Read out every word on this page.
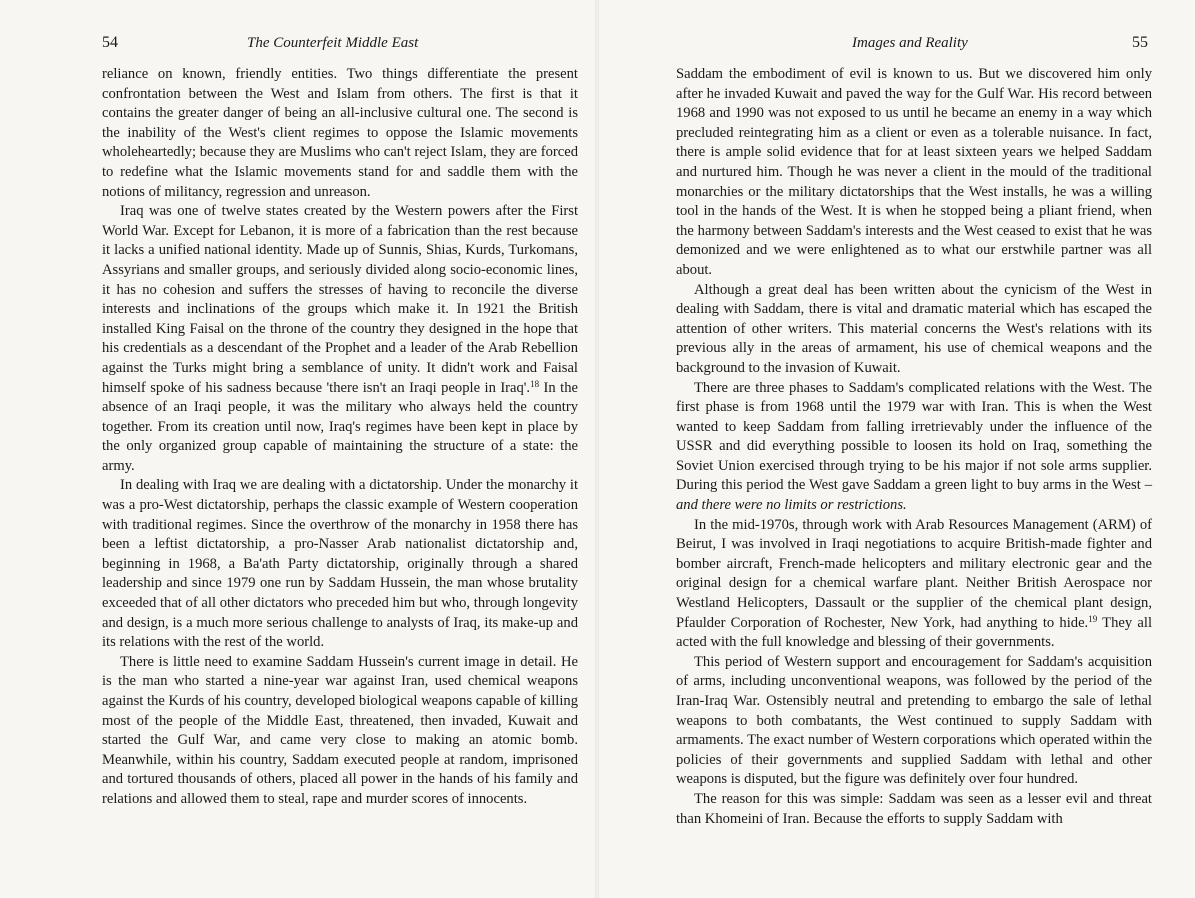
54	The Counterfeit Middle East

reliance on known, friendly entities. Two things differentiate the present confrontation between the West and Islam from others. The first is that it contains the greater danger of being an all-inclusive cultural one. The second is the inability of the West's client regimes to oppose the Islamic movements wholeheartedly; because they are Muslims who can't reject Islam, they are forced to redefine what the Islamic movements stand for and saddle them with the notions of militancy, regression and unreason.

Iraq was one of twelve states created by the Western powers after the First World War. Except for Lebanon, it is more of a fabrication than the rest because it lacks a unified national identity. Made up of Sunnis, Shias, Kurds, Turkomans, Assyrians and smaller groups, and seriously divided along socio-economic lines, it has no cohesion and suffers the stresses of having to reconcile the diverse interests and inclinations of the groups which make it. In 1921 the British installed King Faisal on the throne of the country they designed in the hope that his credentials as a descendant of the Prophet and a leader of the Arab Rebellion against the Turks might bring a semblance of unity. It didn't work and Faisal himself spoke of his sadness because 'there isn't an Iraqi people in Iraq'.$^{18}$ In the absence of an Iraqi people, it was the military who always held the country together. From its creation until now, Iraq's regimes have been kept in place by the only organized group capable of maintaining the structure of a state: the army.

In dealing with Iraq we are dealing with a dictatorship. Under the monarchy it was a pro-West dictatorship, perhaps the classic example of Western cooperation with traditional regimes. Since the overthrow of the monarchy in 1958 there has been a leftist dictatorship, a pro-Nasser Arab nationalist dictatorship and, beginning in 1968, a Ba'ath Party dictatorship, originally through a shared leadership and since 1979 one run by Saddam Hussein, the man whose brutality exceeded that of all other dictators who preceded him but who, through longevity and design, is a much more serious challenge to analysts of Iraq, its make-up and its relations with the rest of the world.

There is little need to examine Saddam Hussein's current image in detail. He is the man who started a nine-year war against Iran, used chemical weapons against the Kurds of his country, developed biological weapons capable of killing most of the people of the Middle East, threatened, then invaded, Kuwait and started the Gulf War, and came very close to making an atomic bomb. Meanwhile, within his country, Saddam executed people at random, imprisoned and tortured thousands of others, placed all power in the hands of his family and relations and allowed them to steal, rape and murder scores of innocents.

Images and Reality	55

Saddam the embodiment of evil is known to us. But we discovered him only after he invaded Kuwait and paved the way for the Gulf War. His record between 1968 and 1990 was not exposed to us until he became an enemy in a way which precluded reintegrating him as a client or even as a tolerable nuisance. In fact, there is ample solid evidence that for at least sixteen years we helped Saddam and nurtured him. Though he was never a client in the mould of the traditional monarchies or the military dictatorships that the West installs, he was a willing tool in the hands of the West. It is when he stopped being a pliant friend, when the harmony between Saddam's interests and the West ceased to exist that he was demonized and we were enlightened as to what our erstwhile partner was all about.

Although a great deal has been written about the cynicism of the West in dealing with Saddam, there is vital and dramatic material which has escaped the attention of other writers. This material concerns the West's relations with its previous ally in the areas of armament, his use of chemical weapons and the background to the invasion of Kuwait.

There are three phases to Saddam's complicated relations with the West. The first phase is from 1968 until the 1979 war with Iran. This is when the West wanted to keep Saddam from falling irretrievably under the influence of the USSR and did everything possible to loosen its hold on Iraq, something the Soviet Union exercised through trying to be his major if not sole arms supplier. During this period the West gave Saddam a green light to buy arms in the West – and there were no limits or restrictions.

In the mid-1970s, through work with Arab Resources Management (ARM) of Beirut, I was involved in Iraqi negotiations to acquire British-made fighter and bomber aircraft, French-made helicopters and military electronic gear and the original design for a chemical warfare plant. Neither British Aerospace nor Westland Helicopters, Dassault or the supplier of the chemical plant design, Pfaulder Corporation of Rochester, New York, had anything to hide.$^{19}$ They all acted with the full knowledge and blessing of their governments.

This period of Western support and encouragement for Saddam's acquisition of arms, including unconventional weapons, was followed by the period of the Iran-Iraq War. Ostensibly neutral and pretending to embargo the sale of lethal weapons to both combatants, the West continued to supply Saddam with armaments. The exact number of Western corporations which operated within the policies of their governments and supplied Saddam with lethal and other weapons is disputed, but the figure was definitely over four hundred.

The reason for this was simple: Saddam was seen as a lesser evil and threat than Khomeini of Iran. Because the efforts to supply Saddam with
